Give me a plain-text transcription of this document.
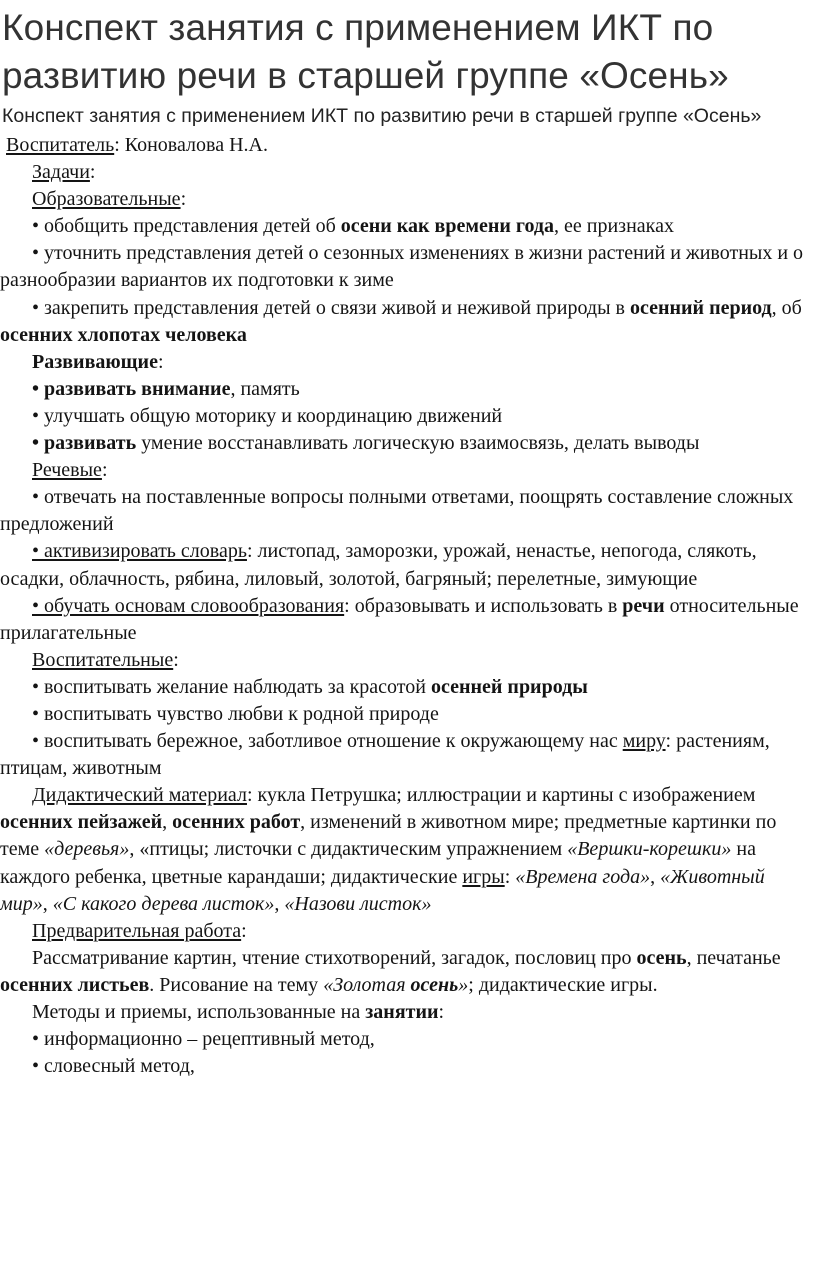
Конспект занятия с применением ИКТ по развитию речи в старшей группе «Осень»
Конспект занятия с применением ИКТ по развитию речи в старшей группе «Осень»

Воспитатель: Коновалова Н.А.

Задачи:

Образовательные:

• обобщить представления детей об осени как времени года, ее признаках

• уточнить представления детей о сезонных изменениях в жизни растений и животных и о разнообразии вариантов их подготовки к зиме

• закрепить представления детей о связи живой и неживой природы в осенний период, об осенних хлопотах человека

Развивающие:

• развивать внимание, память

• улучшать общую моторику и координацию движений

• развивать умение восстанавливать логическую взаимосвязь, делать выводы

Речевые:

• отвечать на поставленные вопросы полными ответами, поощрять составление сложных предложений

• активизировать словарь: листопад, заморозки, урожай, ненастье, непогода, слякоть, осадки, облачность, рябина, лиловый, золотой, багряный; перелетные, зимующие

• обучать основам словообразования: образовывать и использовать в речи относительные прилагательные

Воспитательные:

• воспитывать желание наблюдать за красотой осенней природы

• воспитывать чувство любви к родной природе

• воспитывать бережное, заботливое отношение к окружающему нас миру: растениям, птицам, животным

Дидактический материал: кукла Петрушка; иллюстрации и картины с изображением осенних пейзажей, осенних работ, изменений в животном мире; предметные картинки по теме «деревья», «птицы; листочки с дидактическим упражнением «Вершки-корешки» на каждого ребенка, цветные карандаши; дидактические игры: «Времена года», «Животный мир», «С какого дерева листок», «Назови листок»

Предварительная работа:

Рассматривание картин, чтение стихотворений, загадок, пословиц про осень, печатанье осенних листьев. Рисование на тему «Золотая осень»; дидактические игры.

Методы и приемы, использованные на занятии:

• информационно – рецептивный метод,

• словесный метод,
